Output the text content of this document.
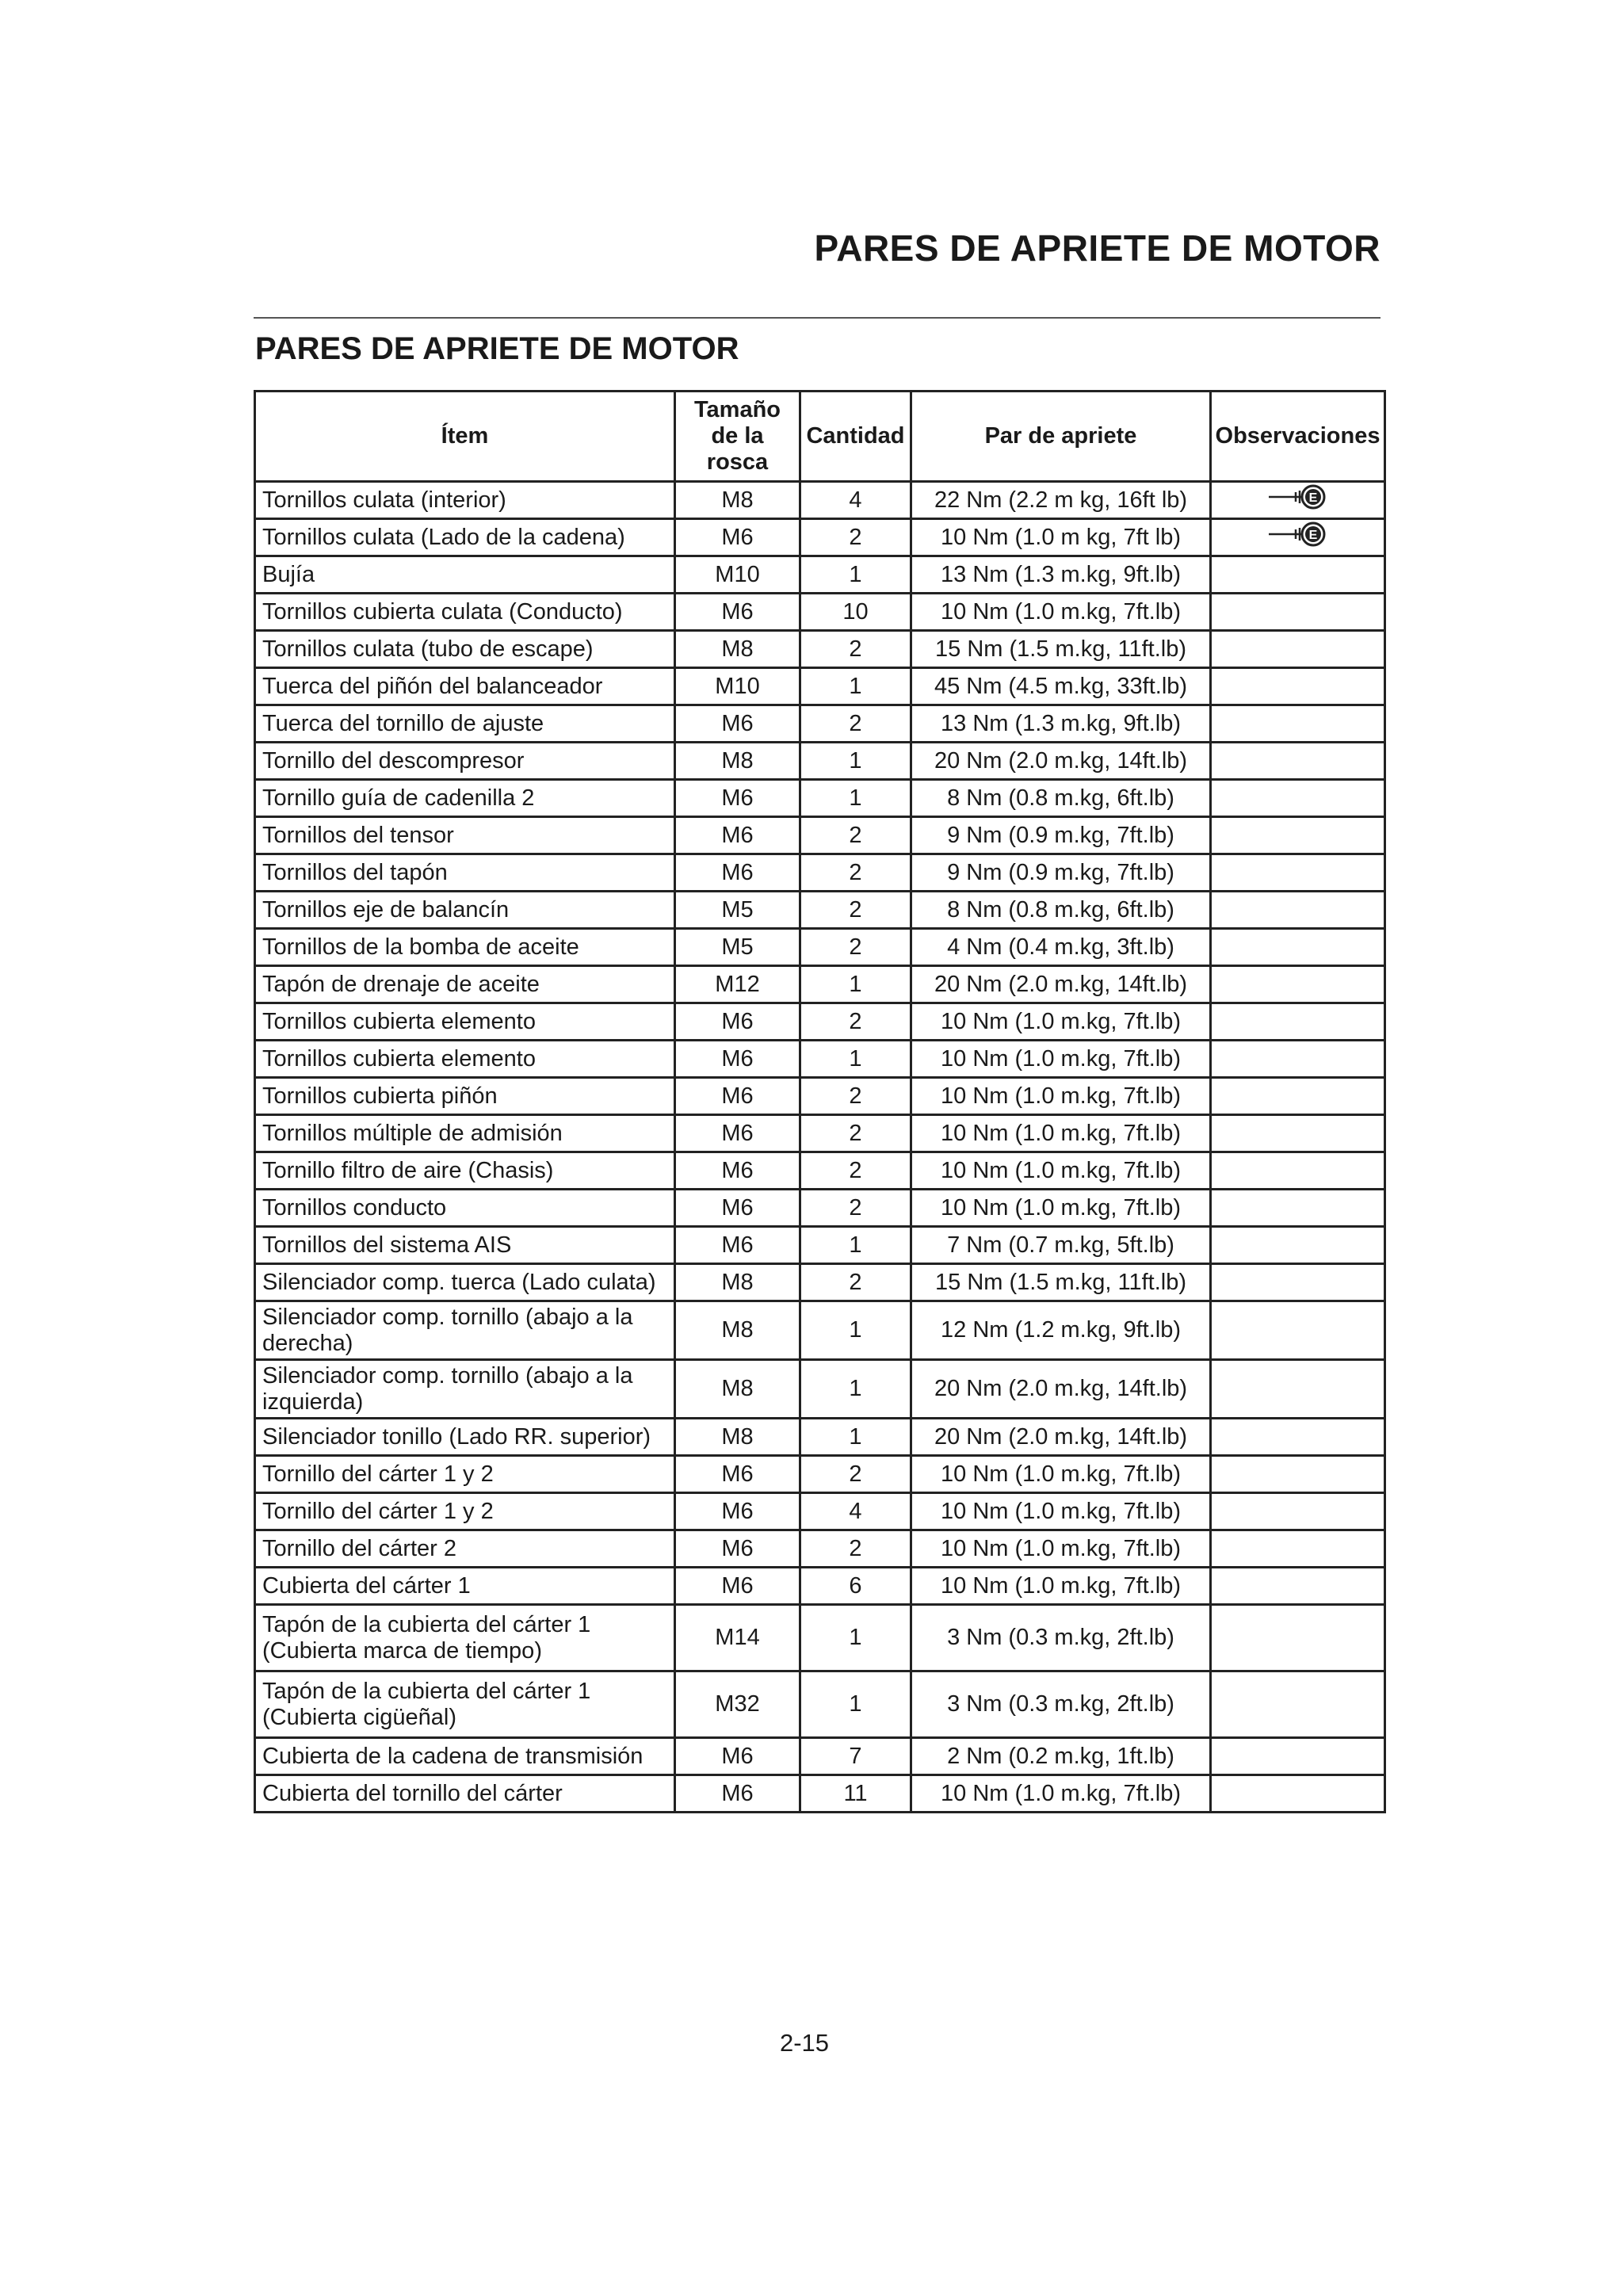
PARES DE APRIETE DE MOTOR
PARES DE APRIETE DE MOTOR
Ítem	Tamaño
de la
rosca	Cantidad	Par de apriete	Observaciones
Tornillos culata (interior)	M8	4	22 Nm (2.2 m kg, 16ft lb)	E

Tornillos culata (Lado de la cadena)	M6	2	10 Nm (1.0 m kg, 7ft lb)	E

Bujía	M10	1	13 Nm (1.3 m.kg, 9ft.lb)	
Tornillos cubierta culata (Conducto)	M6	10	10 Nm (1.0 m.kg, 7ft.lb)	
Tornillos culata (tubo de escape)	M8	2	15 Nm (1.5 m.kg, 11ft.lb)	
Tuerca del piñón del balanceador	M10	1	45 Nm (4.5 m.kg, 33ft.lb)	
Tuerca del tornillo de ajuste	M6	2	13 Nm (1.3 m.kg, 9ft.lb)	
Tornillo del descompresor	M8	1	20 Nm (2.0 m.kg, 14ft.lb)	
Tornillo guía de cadenilla 2	M6	1	8 Nm (0.8 m.kg, 6ft.lb)	
Tornillos del tensor	M6	2	9 Nm (0.9 m.kg, 7ft.lb)	
Tornillos del tapón	M6	2	9 Nm (0.9 m.kg, 7ft.lb)	
Tornillos eje de balancín	M5	2	8 Nm (0.8 m.kg, 6ft.lb)	
Tornillos de la bomba de aceite	M5	2	4 Nm (0.4 m.kg, 3ft.lb)	
Tapón de drenaje de aceite	M12	1	20 Nm (2.0 m.kg, 14ft.lb)	
Tornillos cubierta elemento	M6	2	10 Nm (1.0 m.kg, 7ft.lb)	
Tornillos cubierta elemento	M6	1	10 Nm (1.0 m.kg, 7ft.lb)	
Tornillos cubierta piñón	M6	2	10 Nm (1.0 m.kg, 7ft.lb)	
Tornillos múltiple de admisión	M6	2	10 Nm (1.0 m.kg, 7ft.lb)	
Tornillo filtro de aire (Chasis)	M6	2	10 Nm (1.0 m.kg, 7ft.lb)	
Tornillos conducto	M6	2	10 Nm (1.0 m.kg, 7ft.lb)	
Tornillos del sistema AIS	M6	1	7 Nm (0.7 m.kg, 5ft.lb)	
Silenciador comp. tuerca (Lado culata)	M8	2	15 Nm (1.5 m.kg, 11ft.lb)	
Silenciador comp. tornillo (abajo a la derecha)	M8	1	12 Nm (1.2 m.kg, 9ft.lb)	
Silenciador comp. tornillo (abajo a la izquierda)	M8	1	20 Nm (2.0 m.kg, 14ft.lb)	
Silenciador tonillo (Lado RR. superior)	M8	1	20 Nm (2.0 m.kg, 14ft.lb)	
Tornillo del cárter 1 y 2	M6	2	10 Nm (1.0 m.kg, 7ft.lb)	
Tornillo del cárter 1 y 2	M6	4	10 Nm (1.0 m.kg, 7ft.lb)	
Tornillo del cárter 2	M6	2	10 Nm (1.0 m.kg, 7ft.lb)	
Cubierta del cárter 1	M6	6	10 Nm (1.0 m.kg, 7ft.lb)	
Tapón de la cubierta del cárter 1 (Cubierta marca de tiempo)	M14	1	3 Nm (0.3 m.kg, 2ft.lb)	
Tapón de la cubierta del cárter 1 (Cubierta cigüeñal)	M32	1	3 Nm (0.3 m.kg, 2ft.lb)	
Cubierta de la cadena de transmisión	M6	7	2 Nm (0.2 m.kg, 1ft.lb)	
Cubierta del tornillo del cárter	M6	11	10 Nm (1.0 m.kg, 7ft.lb)	
2-15
